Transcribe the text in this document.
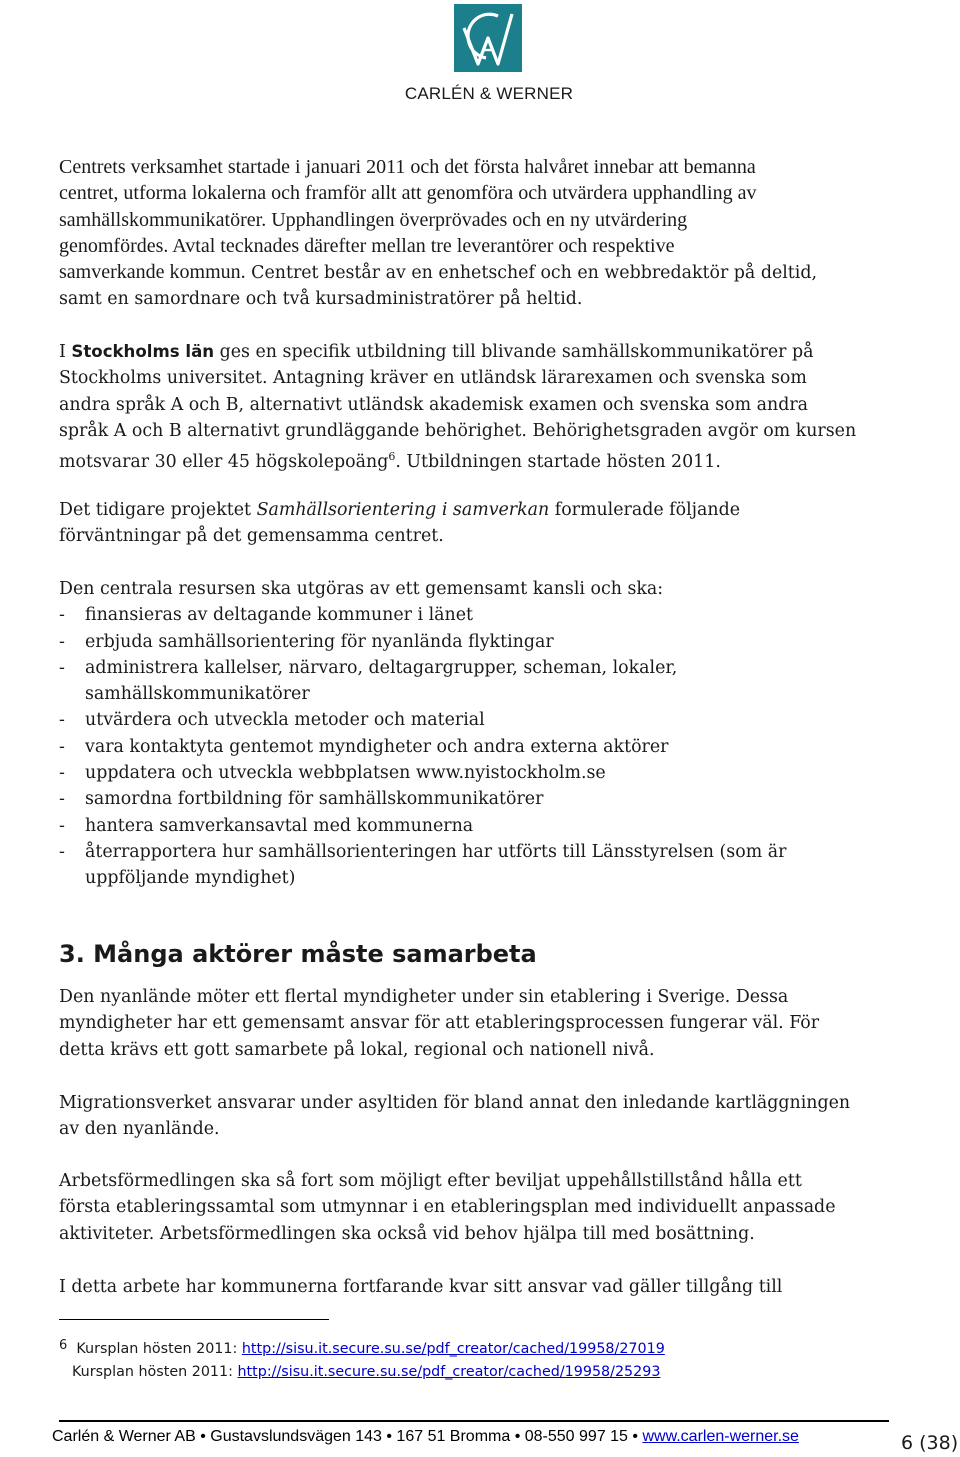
CARLÉN & WERNER
Centrets verksamhet startade i januari 2011 och det första halvåret innebar att bemanna
centret, utforma lokalerna och framför allt att genomföra och utvärdera upphandling av
samhällskommunikatörer. Upphandlingen överprövades och en ny utvärdering
genomfördes. Avtal tecknades därefter mellan tre leverantörer och respektive
samverkande kommun. Centret består av en enhetschef och en webbredaktör på deltid,
samt en samordnare och två kursadministratörer på heltid.
I Stockholms län ges en specifik utbildning till blivande samhällskommunikatörer på
Stockholms universitet. Antagning kräver en utländsk lärarexamen och svenska som
andra språk A och B, alternativt utländsk akademisk examen och svenska som andra
språk A och B alternativt grundläggande behörighet. Behörighetsgraden avgör om kursen
motsvarar 30 eller 45 högskolepoäng$^6$. Utbildningen startade hösten 2011.
Det tidigare projektet Samhällsorientering i samverkan formulerade följande
förväntningar på det gemensamma centret.
Den centrala resursen ska utgöras av ett gemensamt kansli och ska:
- finansieras av deltagande kommuner i länet
- erbjuda samhällsorientering för nyanlända flyktingar
- administrera kallelser, närvaro, deltagargrupper, scheman, lokaler,
samhällskommunikatörer
- utvärdera och utveckla metoder och material
- vara kontaktyta gentemot myndigheter och andra externa aktörer
- uppdatera och utveckla webbplatsen www.nyistockholm.se
- samordna fortbildning för samhällskommunikatörer
- hantera samverkansavtal med kommunerna
- återrapportera hur samhällsorienteringen har utförts till Länsstyrelsen (som är
uppföljande myndighet)
3. Många aktörer måste samarbeta
Den nyanlände möter ett flertal myndigheter under sin etablering i Sverige. Dessa
myndigheter har ett gemensamt ansvar för att etableringsprocessen fungerar väl. För
detta krävs ett gott samarbete på lokal, regional och nationell nivå.
Migrationsverket ansvarar under asyltiden för bland annat den inledande kartläggningen
av den nyanlände.
Arbetsförmedlingen ska så fort som möjligt efter beviljat uppehållstillstånd hålla ett
första etableringssamtal som utmynnar i en etableringsplan med individuellt anpassade
aktiviteter. Arbetsförmedlingen ska också vid behov hjälpa till med bosättning.
I detta arbete har kommunerna fortfarande kvar sitt ansvar vad gäller tillgång till
$^6$ Kursplan hösten 2011: http://sisu.it.secure.su.se/pdf_creator/cached/19958/27019
Kursplan hösten 2011: http://sisu.it.secure.su.se/pdf_creator/cached/19958/25293
Carlén & Werner AB • Gustavslundsvägen 143 • 167 51 Bromma • 08-550 997 15 • www.carlen-werner.se	6 (38)
